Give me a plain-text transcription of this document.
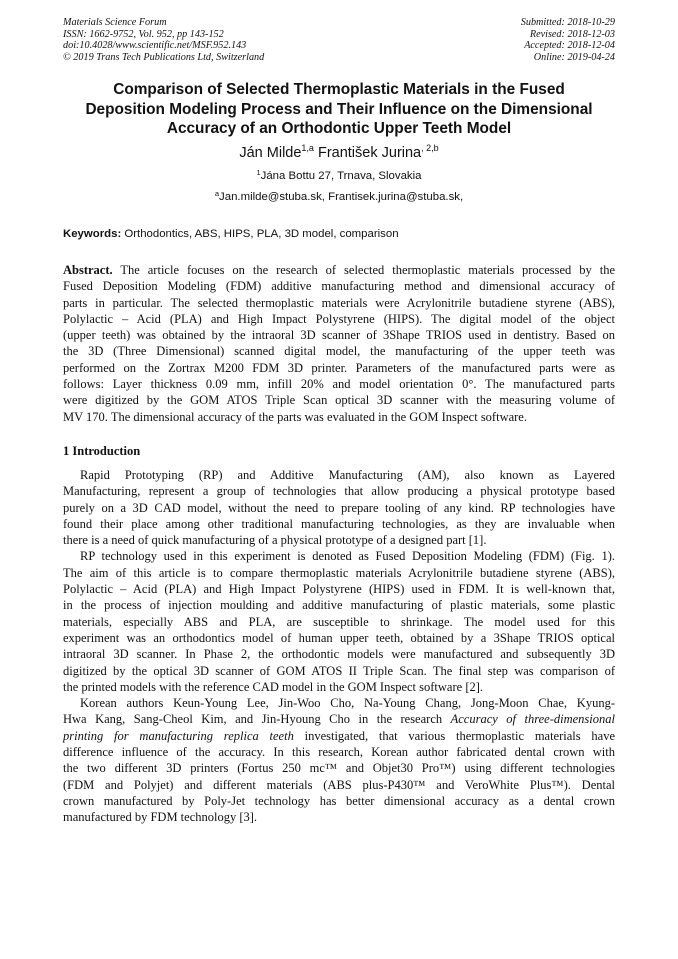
Materials Science Forum
ISSN: 1662-9752, Vol. 952, pp 143-152
doi:10.4028/www.scientific.net/MSF.952.143
© 2019 Trans Tech Publications Ltd, Switzerland
Submitted: 2018-10-29
Revised: 2018-12-03
Accepted: 2018-12-04
Online: 2019-04-24
Comparison of Selected Thermoplastic Materials in the Fused
Deposition Modeling Process and Their Influence on the Dimensional
Accuracy of an Orthodontic Upper Teeth Model
Ján Milde$^{1,a}$ František Jurina$^{, 2,b}$
$^1$Jána Bottu 27, Trnava, Slovakia
$^a$Jan.milde@stuba.sk, Frantisek.jurina@stuba.sk,
Keywords: Orthodontics, ABS, HIPS, PLA, 3D model, comparison
Abstract. The article focuses on the research of selected thermoplastic materials processed by the
Fused Deposition Modeling (FDM) additive manufacturing method and dimensional accuracy of
parts in particular. The selected thermoplastic materials were Acrylonitrile butadiene styrene (ABS),
Polylactic – Acid (PLA) and High Impact Polystyrene (HIPS). The digital model of the object
(upper teeth) was obtained by the intraoral 3D scanner of 3Shape TRIOS used in dentistry. Based on
the 3D (Three Dimensional) scanned digital model, the manufacturing of the upper teeth was
performed on the Zortrax M200 FDM 3D printer. Parameters of the manufactured parts were as
follows: Layer thickness 0.09 mm, infill 20% and model orientation 0°. The manufactured parts
were digitized by the GOM ATOS Triple Scan optical 3D scanner with the measuring volume of
MV 170. The dimensional accuracy of the parts was evaluated in the GOM Inspect software.
1 Introduction
Rapid Prototyping (RP) and Additive Manufacturing (AM), also known as Layered
Manufacturing, represent a group of technologies that allow producing a physical prototype based
purely on a 3D CAD model, without the need to prepare tooling of any kind. RP technologies have
found their place among other traditional manufacturing technologies, as they are invaluable when
there is a need of quick manufacturing of a physical prototype of a designed part [1].
RP technology used in this experiment is denoted as Fused Deposition Modeling (FDM) (Fig. 1).
The aim of this article is to compare thermoplastic materials Acrylonitrile butadiene styrene (ABS),
Polylactic – Acid (PLA) and High Impact Polystyrene (HIPS) used in FDM. It is well-known that,
in the process of injection moulding and additive manufacturing of plastic materials, some plastic
materials, especially ABS and PLA, are susceptible to shrinkage. The model used for this
experiment was an orthodontics model of human upper teeth, obtained by a 3Shape TRIOS optical
intraoral 3D scanner. In Phase 2, the orthodontic models were manufactured and subsequently 3D
digitized by the optical 3D scanner of GOM ATOS II Triple Scan. The final step was comparison of
the printed models with the reference CAD model in the GOM Inspect software [2].
Korean authors Keun-Young Lee, Jin-Woo Cho, Na-Young Chang, Jong-Moon Chae, Kyung-
Hwa Kang, Sang-Cheol Kim, and Jin-Hyoung Cho in the research Accuracy of three-dimensional
printing for manufacturing replica teeth investigated, that various thermoplastic materials have
difference influence of the accuracy. In this research, Korean author fabricated dental crown with
the two different 3D printers (Fortus 250 mc™ and Objet30 Pro™) using different technologies
(FDM and Polyjet) and different materials (ABS plus-P430™ and VeroWhite Plus™). Dental
crown manufactured by Poly-Jet technology has better dimensional accuracy as a dental crown
manufactured by FDM technology [3].
